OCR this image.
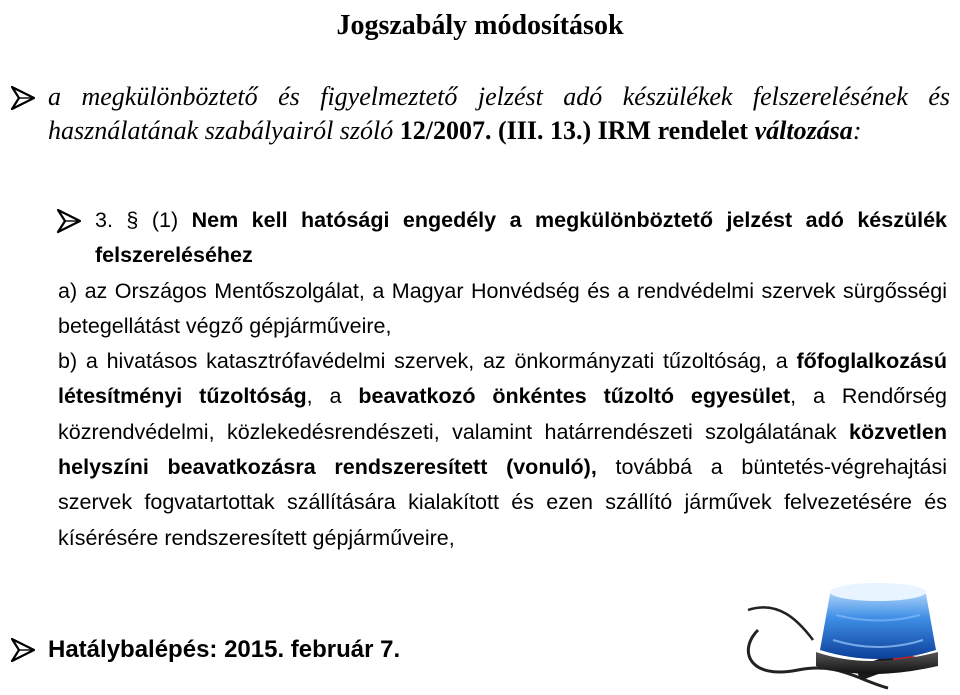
Jogszabály módosítások
a megkülönböztető és figyelmeztető jelzést adó készülékek felszerelésének és használatának szabályairól szóló 12/2007. (III. 13.) IRM rendelet változása:
3. § (1) Nem kell hatósági engedély a megkülönböztető jelzést adó készülék felszereléséhez
a) az Országos Mentőszolgálat, a Magyar Honvédség és a rendvédelmi szervek sürgősségi betegellátást végző gépjárműveire,
b) a hivatásos katasztrófavédelmi szervek, az önkormányzati tűzoltóság, a főfoglalkozású létesítményi tűzoltóság, a beavatkozó önkéntes tűzoltó egyesület, a Rendőrség közrendvédelmi, közlekedésrendészeti, valamint határrendészeti szolgálatának közvetlen helyszíni beavatkozásra rendszeresített (vonuló), továbbá a büntetés-végrehajtási szervek fogvatartottak szállítására kialakított és ezen szállító járművek felvezetésére és kísérésére rendszeresített gépjárműveire,
Hatálybalépés: 2015. február 7.
